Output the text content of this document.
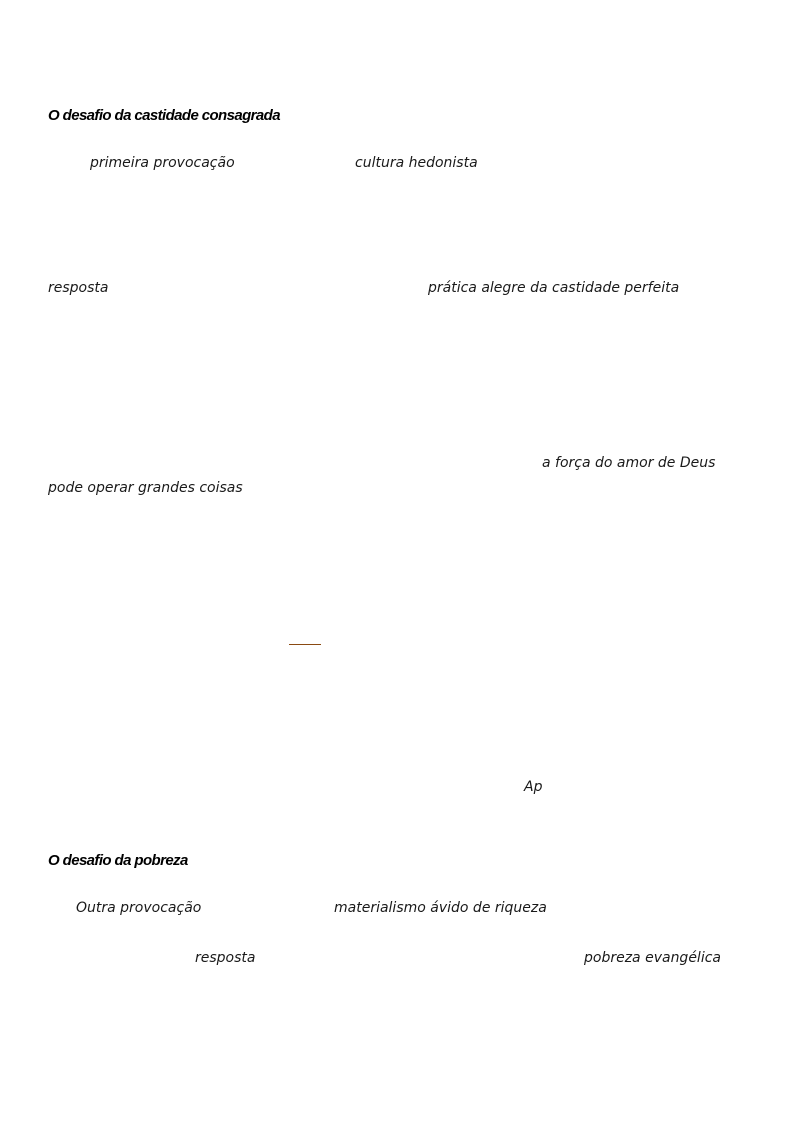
O desafio da castidade consagrada
primeira provocação	cultura hedonista
resposta	prática alegre da castidade perfeita
a força do amor de Deus
pode operar grandes coisas
Ap
O desafio da pobreza
Outra provocação	materialismo ávido de riqueza
resposta	pobreza evangélica
